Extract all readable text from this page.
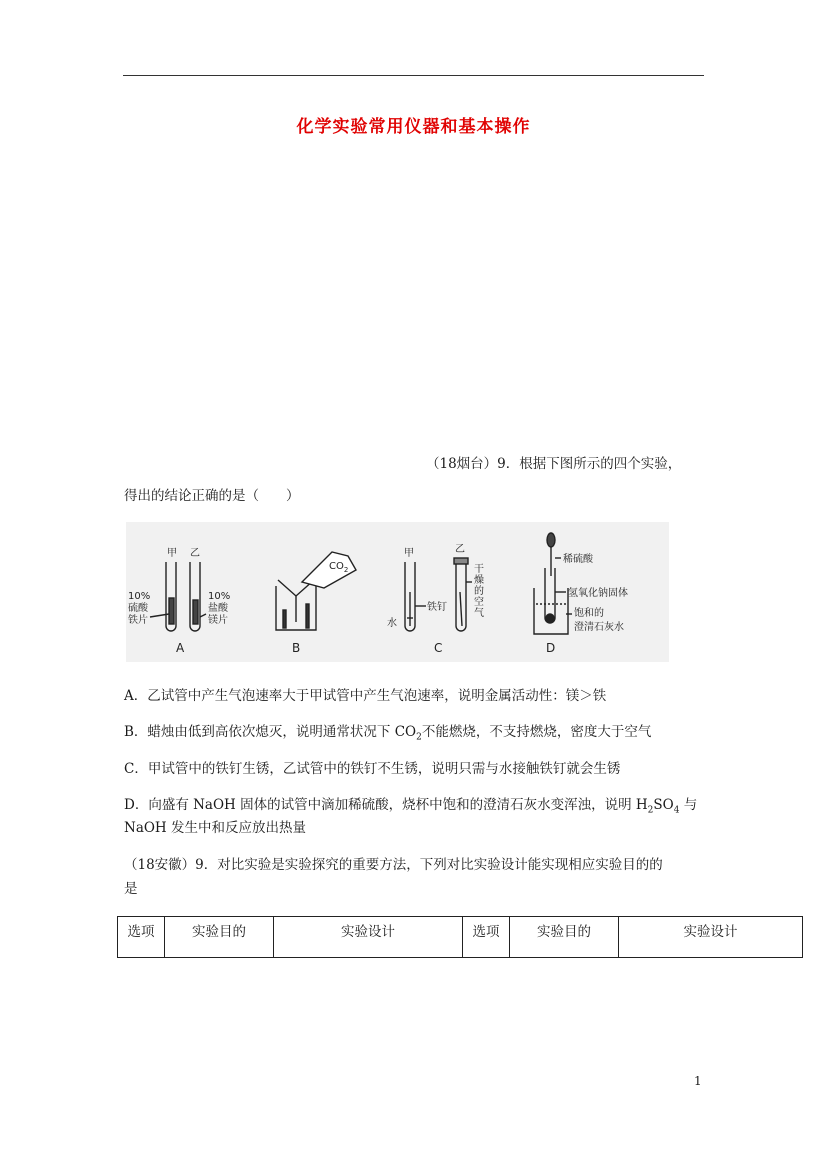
化学实验常用仪器和基本操作
（18烟台）9．根据下图所示的四个实验，
得出的结论正确的是（　　）
甲 乙
10%
硫酸
铁片
10%
盐酸
镁片
A
$CO_2$
B
甲	乙
铁钉
水
干
燥
的
空
气
C
稀硫酸
氢氧化钠固体
饱和的
澄清石灰水
D
A．乙试管中产生气泡速率大于甲试管中产生气泡速率，说明金属活动性：镁＞铁
B．蜡烛由低到高依次熄灭，说明通常状况下 $CO_2$不能燃烧，不支持燃烧，密度大于空气
C．甲试管中的铁钉生锈，乙试管中的铁钉不生锈，说明只需与水接触铁钉就会生锈
D．向盛有 NaOH 固体的试管中滴加稀硫酸，烧杯中饱和的澄清石灰水变浑浊，说明 $H_2SO_4$ 与
NaOH 发生中和反应放出热量
（18安徽）9．对比实验是实验探究的重要方法，下列对比实验设计能实现相应实验目的的
是
选项	实验目的	实验设计	选项	实验目的	实验设计
1
